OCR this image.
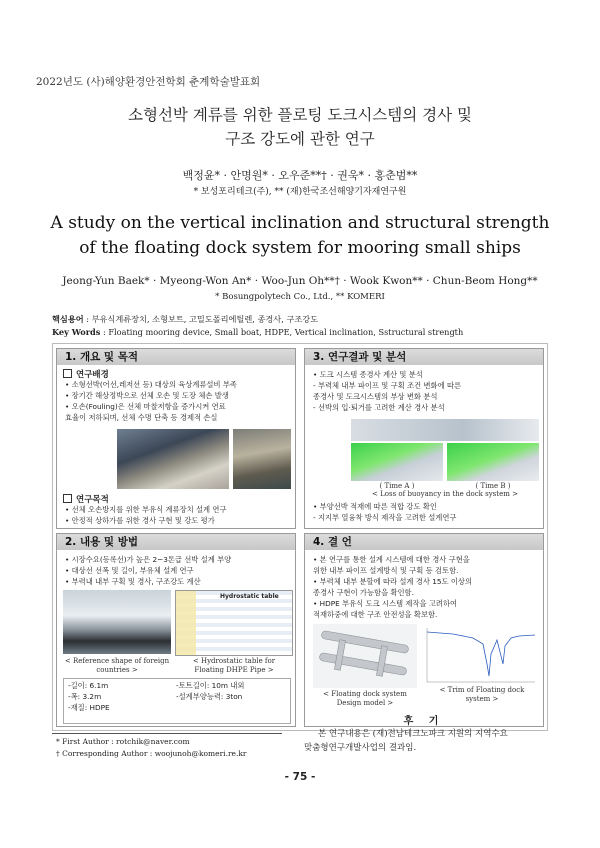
2022년도 (사)해양환경안전학회 춘계학술발표회
소형선박 계류를 위한 플로팅 도크시스템의 경사 및
구조 강도에 관한 연구
백정윤* · 안명원* · 오우준**† · 권욱* · 홍춘범**
* 보성포리테크(주), ** (재)한국조선해양기자재연구원
A study on the vertical inclination and structural strength
of the floating dock system for mooring small ships
Jeong-Yun Baek* · Myeong-Won An* · Woo-Jun Oh**† · Wook Kwon** · Chun-Beom Hong**
* Bosungpolytech Co., Ltd., ** KOMERI
핵심용어 : 부유식계류장치, 소형보트, 고밀도폴리에틸렌, 종경사, 구조강도
Key Words : Floating mooring device, Small boat, HDPE, Vertical inclination, Sstructural strength
1. 개요 및 목적
연구배경
• 소형선박(어선,레저선 등) 대상의 육상계류설비 부족
• 장기간 해상정박으로 선체 오손 및 도장 체손 발생
• 오손(Fouling)은 선체 마찰저항을 증가시켜 연료
효율이 저하되며, 선체 수명 단축 등 경제적 손실
연구목적
• 선체 오손방지를 위한 부유식 계류장치 설계 연구
• 안정적 상하가를 위한 경사 구현 및 강도 평가
2. 내용 및 방법
• 시장수요(등록선)가 높은 2~3톤급 선박 설계 부양
• 대상선 선폭 및 길이, 부유체 설계 연구
• 부력내 내부 구획 및 경사, 구조강도 계산
Hydrostatic table
< Reference shape of foreign
countries >
< Hydrostatic table for
Floating DHPE Pipe >
-길이: 6.1m
-폭: 3.2m
-재질: HDPE
-토트길이: 10m 내외
-설계부양능력: 3ton
3. 연구결과 및 분석
• 도크 시스템 종경사 계산 및 분석
- 부력체 내부 파이프 및 구획 조건 변화에 따른
종경사 및 도크시스템의 부상 변화 분석
- 선박의 입·퇴거를 고려한 계산 경사 분석
( Time A )	( Time B )
< Loss of buoyancy in the dock system >
• 부양선박 적재에 따른 적합 강도 확인
- 지지부 열융착 방식 제작을 고려한 설계연구
4. 결 언
• 본 연구를 통한 설계 시스템에 대한 경사 구현을
위한 내부 파이프 설계방식 및 구획 등 검토함.
• 부력체 내부 분할에 따라 설계 경사 15도 이상의
종경사 구현이 가능함을 확인함.
• HDPE 부유식 도크 시스템 제작을 고려하여
적재하중에 대한 구조 안전성을 확보함.
< Floating dock system
Design model >
< Trim of Floating dock
system >
* First Author : rotchik@naver.com
† Corresponding Author : woojunoh@komeri.re.kr
후 기
본 연구내용은 (재)전남테크노파크 지원의 지역수요
맞춤형연구개발사업의 결과임.
- 75 -
